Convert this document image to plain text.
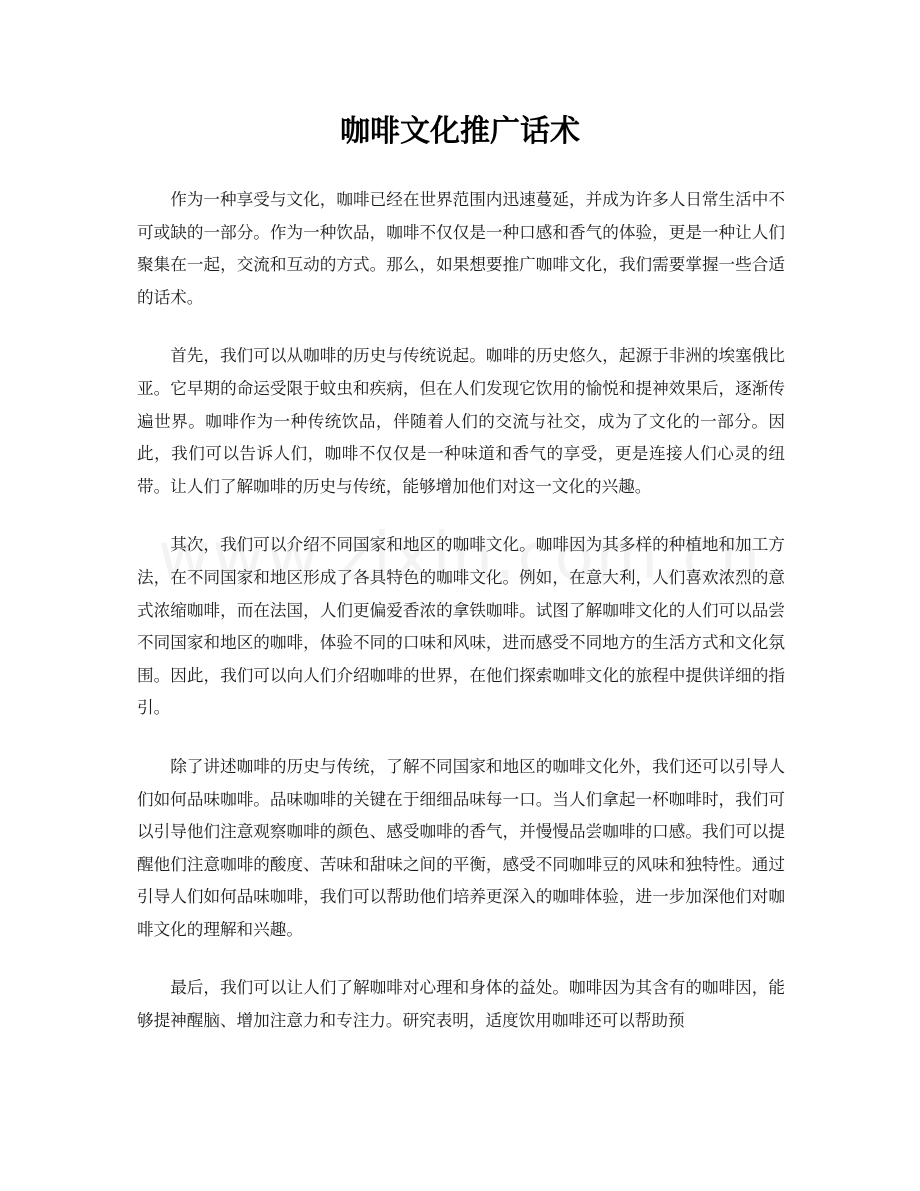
咖啡文化推广话术

作为一种享受与文化，咖啡已经在世界范围内迅速蔓延，并成为许多人日常生活中不可或缺的一部分。作为一种饮品，咖啡不仅仅是一种口感和香气的体验，更是一种让人们聚集在一起，交流和互动的方式。那么，如果想要推广咖啡文化，我们需要掌握一些合适的话术。

首先，我们可以从咖啡的历史与传统说起。咖啡的历史悠久，起源于非洲的埃塞俄比亚。它早期的命运受限于蚊虫和疾病，但在人们发现它饮用的愉悦和提神效果后，逐渐传遍世界。咖啡作为一种传统饮品，伴随着人们的交流与社交，成为了文化的一部分。因此，我们可以告诉人们，咖啡不仅仅是一种味道和香气的享受，更是连接人们心灵的纽带。让人们了解咖啡的历史与传统，能够增加他们对这一文化的兴趣。

其次，我们可以介绍不同国家和地区的咖啡文化。咖啡因为其多样的种植地和加工方法，在不同国家和地区形成了各具特色的咖啡文化。例如，在意大利，人们喜欢浓烈的意式浓缩咖啡，而在法国，人们更偏爱香浓的拿铁咖啡。试图了解咖啡文化的人们可以品尝不同国家和地区的咖啡，体验不同的口味和风味，进而感受不同地方的生活方式和文化氛围。因此，我们可以向人们介绍咖啡的世界，在他们探索咖啡文化的旅程中提供详细的指引。

除了讲述咖啡的历史与传统，了解不同国家和地区的咖啡文化外，我们还可以引导人们如何品味咖啡。品味咖啡的关键在于细细品味每一口。当人们拿起一杯咖啡时，我们可以引导他们注意观察咖啡的颜色、感受咖啡的香气，并慢慢品尝咖啡的口感。我们可以提醒他们注意咖啡的酸度、苦味和甜味之间的平衡，感受不同咖啡豆的风味和独特性。通过引导人们如何品味咖啡，我们可以帮助他们培养更深入的咖啡体验，进一步加深他们对咖啡文化的理解和兴趣。

最后，我们可以让人们了解咖啡对心理和身体的益处。咖啡因为其含有的咖啡因，能够提神醒脑、增加注意力和专注力。研究表明，适度饮用咖啡还可以帮助预
